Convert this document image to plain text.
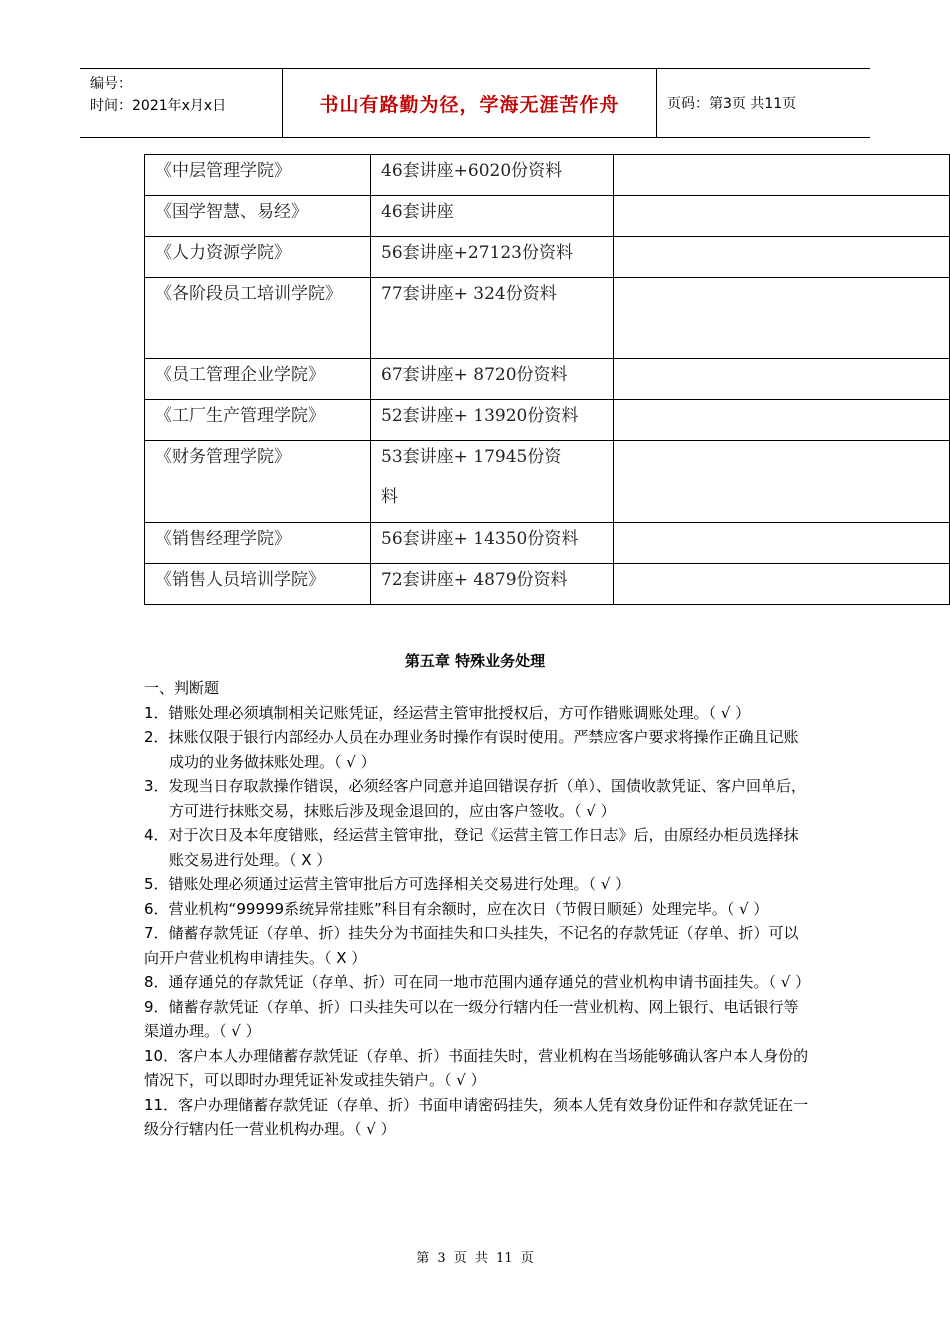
编号：
时间：2021年x月x日	书山有路勤为径，学海无涯苦作舟	页码：第3页 共11页
《中层管理学院》	46套讲座+6020份资料	

《国学智慧、易经》	46套讲座	

《人力资源学院》	56套讲座+27123份资料	

《各阶段员工培训学院》	77套讲座+ 324份资料	

《员工管理企业学院》	67套讲座+ 8720份资料	

《工厂生产管理学院》	52套讲座+ 13920份资料	

《财务管理学院》	53套讲座+ 17945份资料	

《销售经理学院》	56套讲座+ 14350份资料	

《销售人员培训学院》	72套讲座+ 4879份资料	

第五章 特殊业务处理

一、判断题

1．错账处理必须填制相关记账凭证，经运营主管审批授权后，方可作错账调账处理。（ √ ）

2．抹账仅限于银行内部经办人员在办理业务时操作有误时使用。严禁应客户要求将操作正确且记账成功的业务做抹账处理。（ √ ）

3．发现当日存取款操作错误，必须经客户同意并追回错误存折（单）、国债收款凭证、客户回单后，方可进行抹账交易，抹账后涉及现金退回的，应由客户签收。（ √ ）

4．对于次日及本年度错账，经运营主管审批，登记《运营主管工作日志》后，由原经办柜员选择抹账交易进行处理。（ X ）

5．错账处理必须通过运营主管审批后方可选择相关交易进行处理。（ √ ）

6．营业机构“99999系统异常挂账”科目有余额时，应在次日（节假日顺延）处理完毕。（ √ ）

7．储蓄存款凭证（存单、折）挂失分为书面挂失和口头挂失，不记名的存款凭证（存单、折）可以向开户营业机构申请挂失。（ X ）

8．通存通兑的存款凭证（存单、折）可在同一地市范围内通存通兑的营业机构申请书面挂失。（ √ ）

9．储蓄存款凭证（存单、折）口头挂失可以在一级分行辖内任一营业机构、网上银行、电话银行等渠道办理。（ √ ）

10．客户本人办理储蓄存款凭证（存单、折）书面挂失时，营业机构在当场能够确认客户本人身份的情况下，可以即时办理凭证补发或挂失销户。（ √ ）

11．客户办理储蓄存款凭证（存单、折）书面申请密码挂失，须本人凭有效身份证件和存款凭证在一级分行辖内任一营业机构办理。（ √ ）

第 3 页 共 11 页
